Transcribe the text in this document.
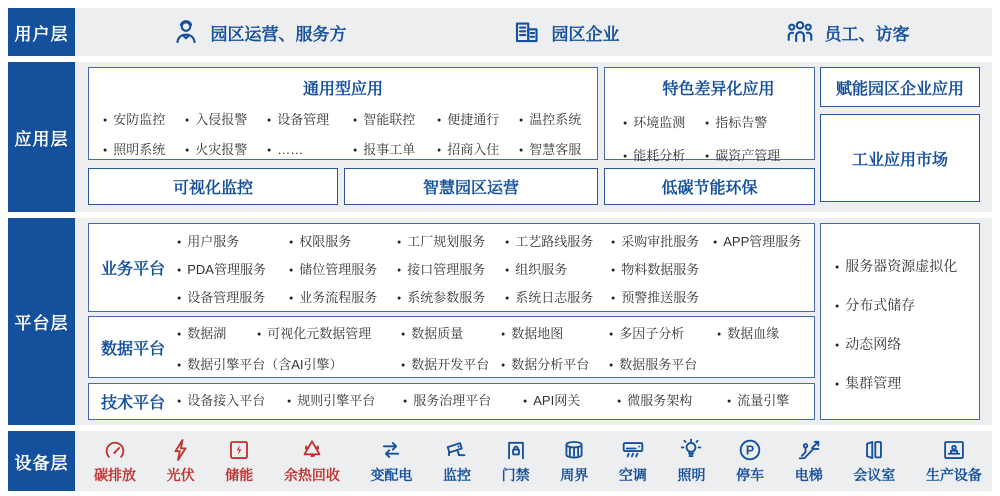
用户层	园区运营、服务方	园区企业	员工、访客
应用层
通用型应用
● 安防监控	● 入侵报警	● 设备管理	● 智能联控	● 便捷通行	● 温控系统
● 照明系统	● 火灾报警	● ……	● 报事工单	● 招商入住	● 智慧客服
特色差异化应用
● 环境监测	● 指标告警
● 能耗分析	● 碳资产管理
赋能园区企业应用
工业应用市场
可视化监控	智慧园区运营	低碳节能环保
平台层
业务平台
● 用户服务	● 权限服务	● 工厂规划服务	● 工艺路线服务	● 采购审批服务	● APP管理服务
● PDA管理服务	● 储位管理服务	● 接口管理服务	● 组织服务	● 物料数据服务
● 设备管理服务	● 业务流程服务	● 系统参数服务	● 系统日志服务	● 预警推送服务
数据平台
● 数据湖	● 可视化元数据管理	● 数据质量	● 数据地图	● 多因子分析	● 数据血缘
● 数据引擎平台（含AI引擎）	● 数据开发平台	● 数据分析平台	● 数据服务平台
技术平台	● 设备接入平台	● 规则引擎平台	● 服务治理平台	● API网关	● 微服务架构	● 流量引擎
● 服务器资源虚拟化
● 分布式储存
● 动态网络
● 集群管理
设备层
碳排放 光伏 储能 余热回收 变配电 监控 门禁 周界 空调 照明
P
停车 电梯 会议室 生产设备
